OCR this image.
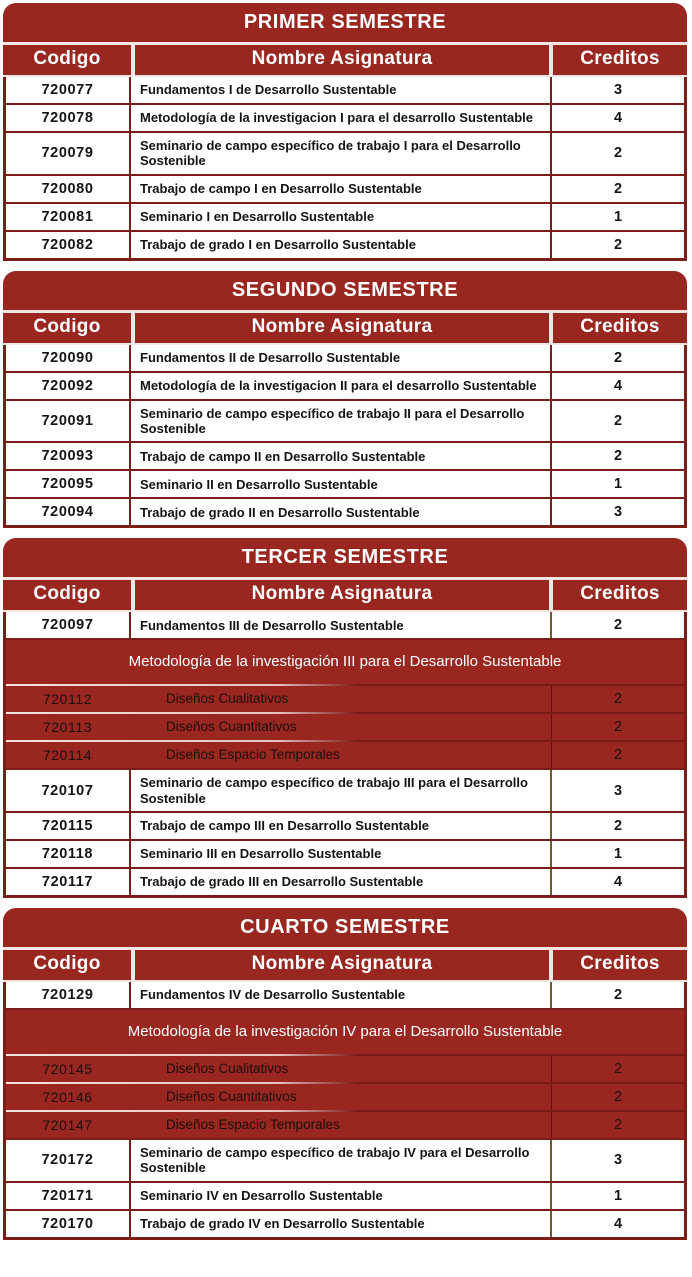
PRIMER SEMESTRE
Codigo	Nombre Asignatura	Creditos
720077	Fundamentos I de Desarrollo Sustentable	3
720078	Metodología de la investigacion I para el desarrollo Sustentable	4
720079	Seminario de campo específico de trabajo I para el Desarrollo Sostenible	2
720080	Trabajo de campo I en Desarrollo Sustentable	2
720081	Seminario I en Desarrollo Sustentable	1
720082	Trabajo de grado I en Desarrollo Sustentable	2
SEGUNDO SEMESTRE
Codigo	Nombre Asignatura	Creditos
720090	Fundamentos II de Desarrollo Sustentable	2
720092	Metodología de la investigacion II para el desarrollo Sustentable	4
720091	Seminario de campo específico de trabajo II para el Desarrollo Sostenible	2
720093	Trabajo de campo II en Desarrollo Sustentable	2
720095	Seminario II en Desarrollo Sustentable	1
720094	Trabajo de grado II en Desarrollo Sustentable	3
TERCER SEMESTRE
Codigo	Nombre Asignatura	Creditos
720097	Fundamentos III de Desarrollo Sustentable	2
Metodología de la investigación III para el Desarrollo Sustentable
720112	Diseños Cualitativos	2
720113	Diseños Cuantitativos	2
720114	Diseños Espacio Temporales	2
720107	Seminario de campo específico de trabajo III para el Desarrollo Sostenible	3
720115	Trabajo de campo III en Desarrollo Sustentable	2
720118	Seminario III en Desarrollo Sustentable	1
720117	Trabajo de grado III en Desarrollo Sustentable	4
CUARTO SEMESTRE
Codigo	Nombre Asignatura	Creditos
720129	Fundamentos IV de Desarrollo Sustentable	2
Metodología de la investigación IV para el Desarrollo Sustentable
720145	Diseños Cualitativos	2
720146	Diseños Cuantitativos	2
720147	Diseños Espacio Temporales	2
720172	Seminario de campo específico de trabajo IV para el Desarrollo Sostenible	3
720171	Seminario IV en Desarrollo Sustentable	1
720170	Trabajo de grado IV en Desarrollo Sustentable	4
